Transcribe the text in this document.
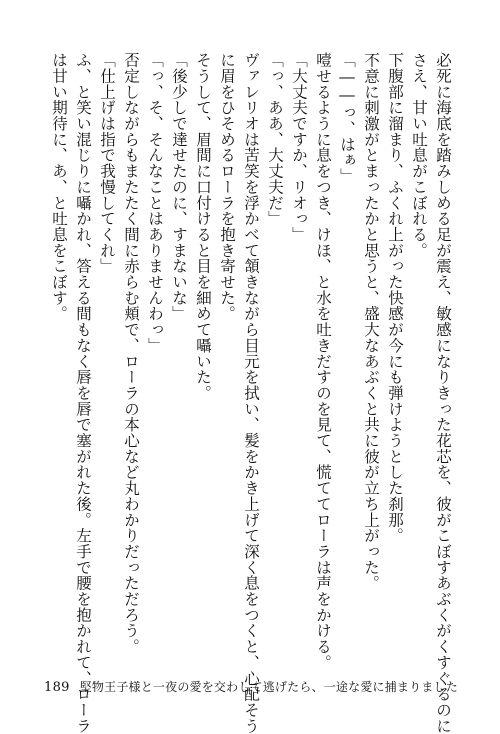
必死に海底を踏みしめる足が震え、敏感になりきった花芯を、彼がこぼすあぶくがくすぐるのに
さえ、甘い吐息がこぼれる。
下腹部に溜まり、ふくれ上がった快感が今にも弾けようとした刹那。
不意に刺激がとまったかと思うと、盛大なあぶくと共に彼が立ち上がった。
「――っ、はぁ」
噎せるように息をつき、けほ、と水を吐きだすのを見て、慌ててローラは声をかける。
「大丈夫ですか、リオっ」
「っ、ああ、大丈夫だ」
ヴァレリオは苦笑を浮かべて頷きながら目元を拭い、髪をかき上げて深く息をつくと、心配そう
に眉をひそめるローラを抱き寄せた。
そうして、眉間に口付けると目を細めて囁いた。
「後少しで達せたのに、すまないな」
「っ、そ、そんなことはありませんわっ」
否定しながらもまたたく間に赤らむ頬で、ローラの本心など丸わかりだっただろう。
「仕上げは指で我慢してくれ」
ふ、と笑い混じりに囁かれ、答える間もなく唇を唇で塞がれた後。左手で腰を抱かれて、ローラ
は甘い期待に、あ、と吐息をこぼす。
189 堅物王子様と一夜の愛を交わして逃げたら、一途な愛に捕まりました
